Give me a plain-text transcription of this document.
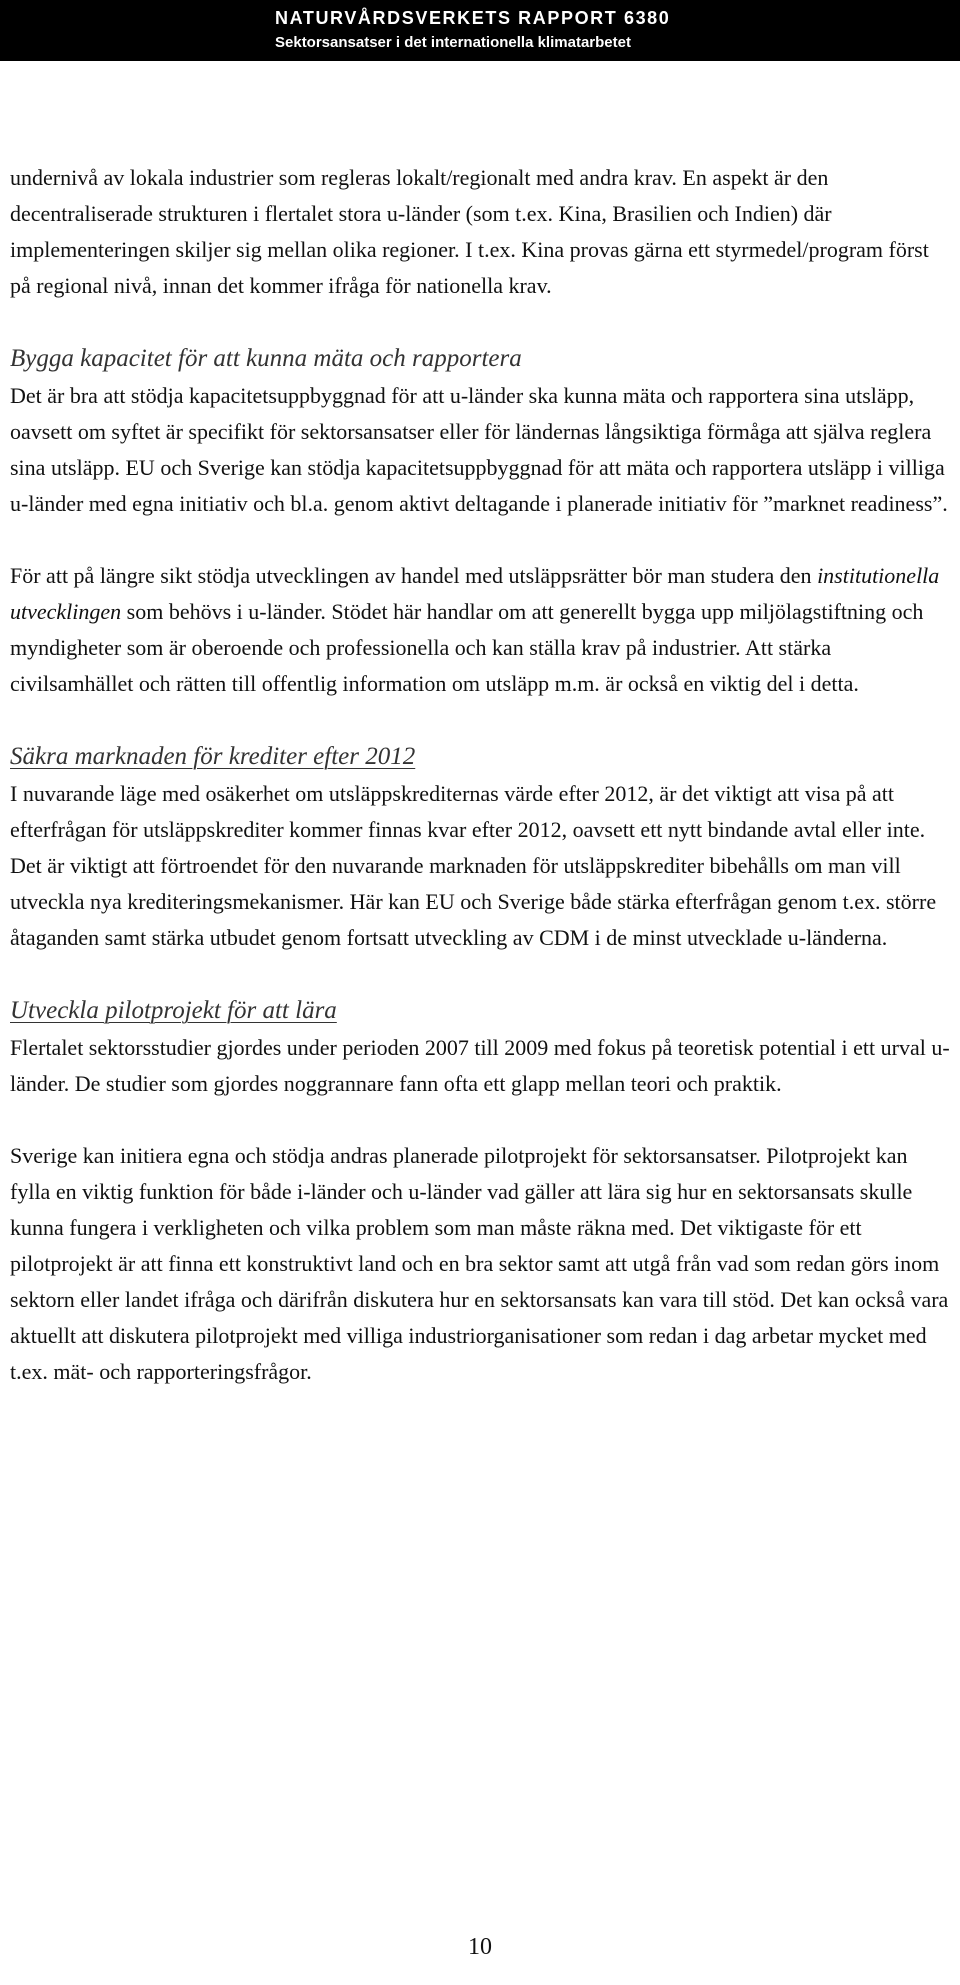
NATURVÅRDSVERKETS RAPPORT 6380
Sektorsansatser i det internationella klimatarbetet

undernivå av lokala industrier som regleras lokalt/regionalt med andra krav. En aspekt är den decentraliserade strukturen i flertalet stora u-länder (som t.ex. Kina, Brasilien och Indien) där implementeringen skiljer sig mellan olika regioner. I t.ex. Kina provas gärna ett styrmedel/program först på regional nivå, innan det kommer ifråga för nationella krav.

Bygga kapacitet för att kunna mäta och rapportera

Det är bra att stödja kapacitetsuppbyggnad för att u-länder ska kunna mäta och rapportera sina utsläpp, oavsett om syftet är specifikt för sektorsansatser eller för ländernas långsiktiga förmåga att själva reglera sina utsläpp. EU och Sverige kan stödja kapacitetsuppbyggnad för att mäta och rapportera utsläpp i villiga u-länder med egna initiativ och bl.a. genom aktivt deltagande i planerade initiativ för ”marknet readiness”.

För att på längre sikt stödja utvecklingen av handel med utsläppsrätter bör man studera den institutionella utvecklingen som behövs i u-länder. Stödet här handlar om att generellt bygga upp miljölagstiftning och myndigheter som är oberoende och professionella och kan ställa krav på industrier. Att stärka civilsamhället och rätten till offentlig information om utsläpp m.m. är också en viktig del i detta.

Säkra marknaden för krediter efter 2012

I nuvarande läge med osäkerhet om utsläppskrediternas värde efter 2012, är det viktigt att visa på att efterfrågan för utsläppskrediter kommer finnas kvar efter 2012, oavsett ett nytt bindande avtal eller inte. Det är viktigt att förtroendet för den nuvarande marknaden för utsläppskrediter bibehålls om man vill utveckla nya krediteringsmekanismer. Här kan EU och Sverige både stärka efterfrågan genom t.ex. större åtaganden samt stärka utbudet genom fortsatt utveckling av CDM i de minst utvecklade u-länderna.

Utveckla pilotprojekt för att lära

Flertalet sektorsstudier gjordes under perioden 2007 till 2009 med fokus på teoretisk potential i ett urval u-länder. De studier som gjordes noggrannare fann ofta ett glapp mellan teori och praktik.

Sverige kan initiera egna och stödja andras planerade pilotprojekt för sektorsansatser. Pilotprojekt kan fylla en viktig funktion för både i-länder och u-länder vad gäller att lära sig hur en sektorsansats skulle kunna fungera i verkligheten och vilka problem som man måste räkna med. Det viktigaste för ett pilotprojekt är att finna ett konstruktivt land och en bra sektor samt att utgå från vad som redan görs inom sektorn eller landet ifråga och därifrån diskutera hur en sektorsansats kan vara till stöd. Det kan också vara aktuellt att diskutera pilotprojekt med villiga industriorganisationer som redan i dag arbetar mycket med t.ex. mät- och rapporteringsfrågor.

10
